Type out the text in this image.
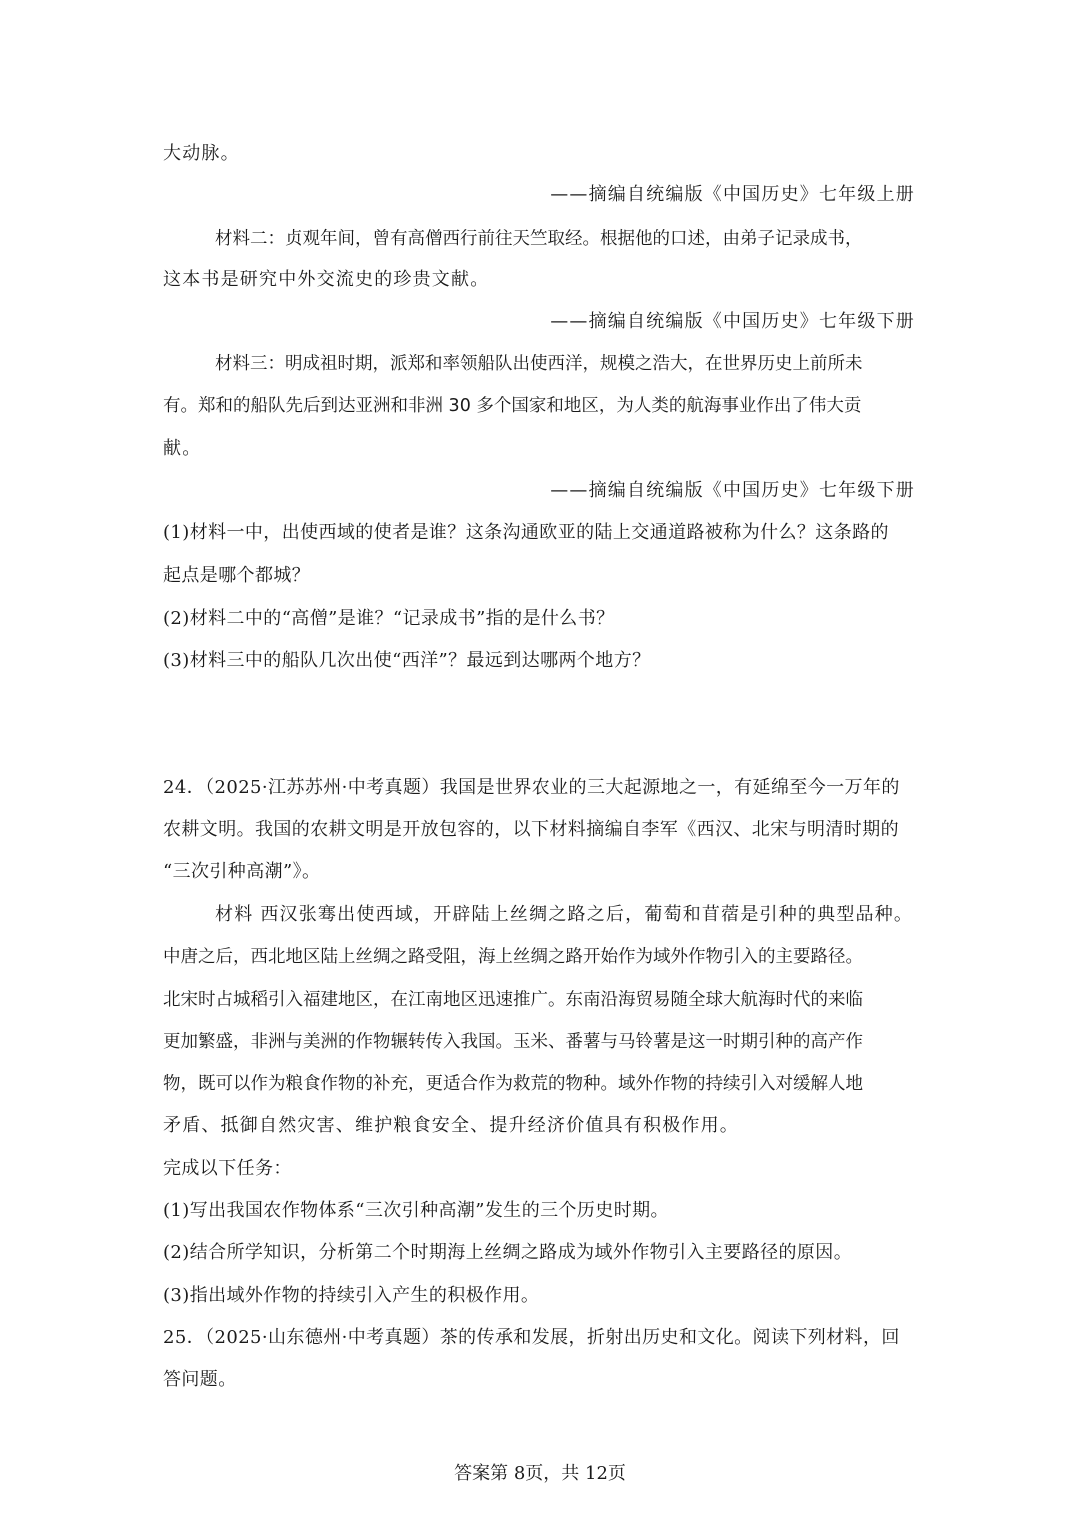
大动脉。
——摘编自统编版《中国历史》七年级上册
材料二：贞观年间，曾有高僧西行前往天竺取经。根据他的口述，由弟子记录成书，
这本书是研究中外交流史的珍贵文献。
——摘编自统编版《中国历史》七年级下册
材料三：明成祖时期，派郑和率领船队出使西洋，规模之浩大，在世界历史上前所未
有。郑和的船队先后到达亚洲和非洲 30 多个国家和地区，为人类的航海事业作出了伟大贡
献。
——摘编自统编版《中国历史》七年级下册
(1)材料一中，出使西域的使者是谁？这条沟通欧亚的陆上交通道路被称为什么？这条路的
起点是哪个都城？
(2)材料二中的“高僧”是谁？“记录成书”指的是什么书？
(3)材料三中的船队几次出使“西洋”？最远到达哪两个地方？
24．（2025·江苏苏州·中考真题）我国是世界农业的三大起源地之一，有延绵至今一万年的
农耕文明。我国的农耕文明是开放包容的，以下材料摘编自李军《西汉、北宋与明清时期的
“三次引种高潮”》。
材料 西汉张骞出使西域，开辟陆上丝绸之路之后，葡萄和苜蓿是引种的典型品种。
中唐之后，西北地区陆上丝绸之路受阻，海上丝绸之路开始作为域外作物引入的主要路径。
北宋时占城稻引入福建地区，在江南地区迅速推广。东南沿海贸易随全球大航海时代的来临
更加繁盛，非洲与美洲的作物辗转传入我国。玉米、番薯与马铃薯是这一时期引种的高产作
物，既可以作为粮食作物的补充，更适合作为救荒的物种。域外作物的持续引入对缓解人地
矛盾、抵御自然灾害、维护粮食安全、提升经济价值具有积极作用。
完成以下任务：
(1)写出我国农作物体系“三次引种高潮”发生的三个历史时期。
(2)结合所学知识，分析第二个时期海上丝绸之路成为域外作物引入主要路径的原因。
(3)指出域外作物的持续引入产生的积极作用。
25．（2025·山东德州·中考真题）茶的传承和发展，折射出历史和文化。阅读下列材料，回
答问题。
答案第 8页，共 12页
